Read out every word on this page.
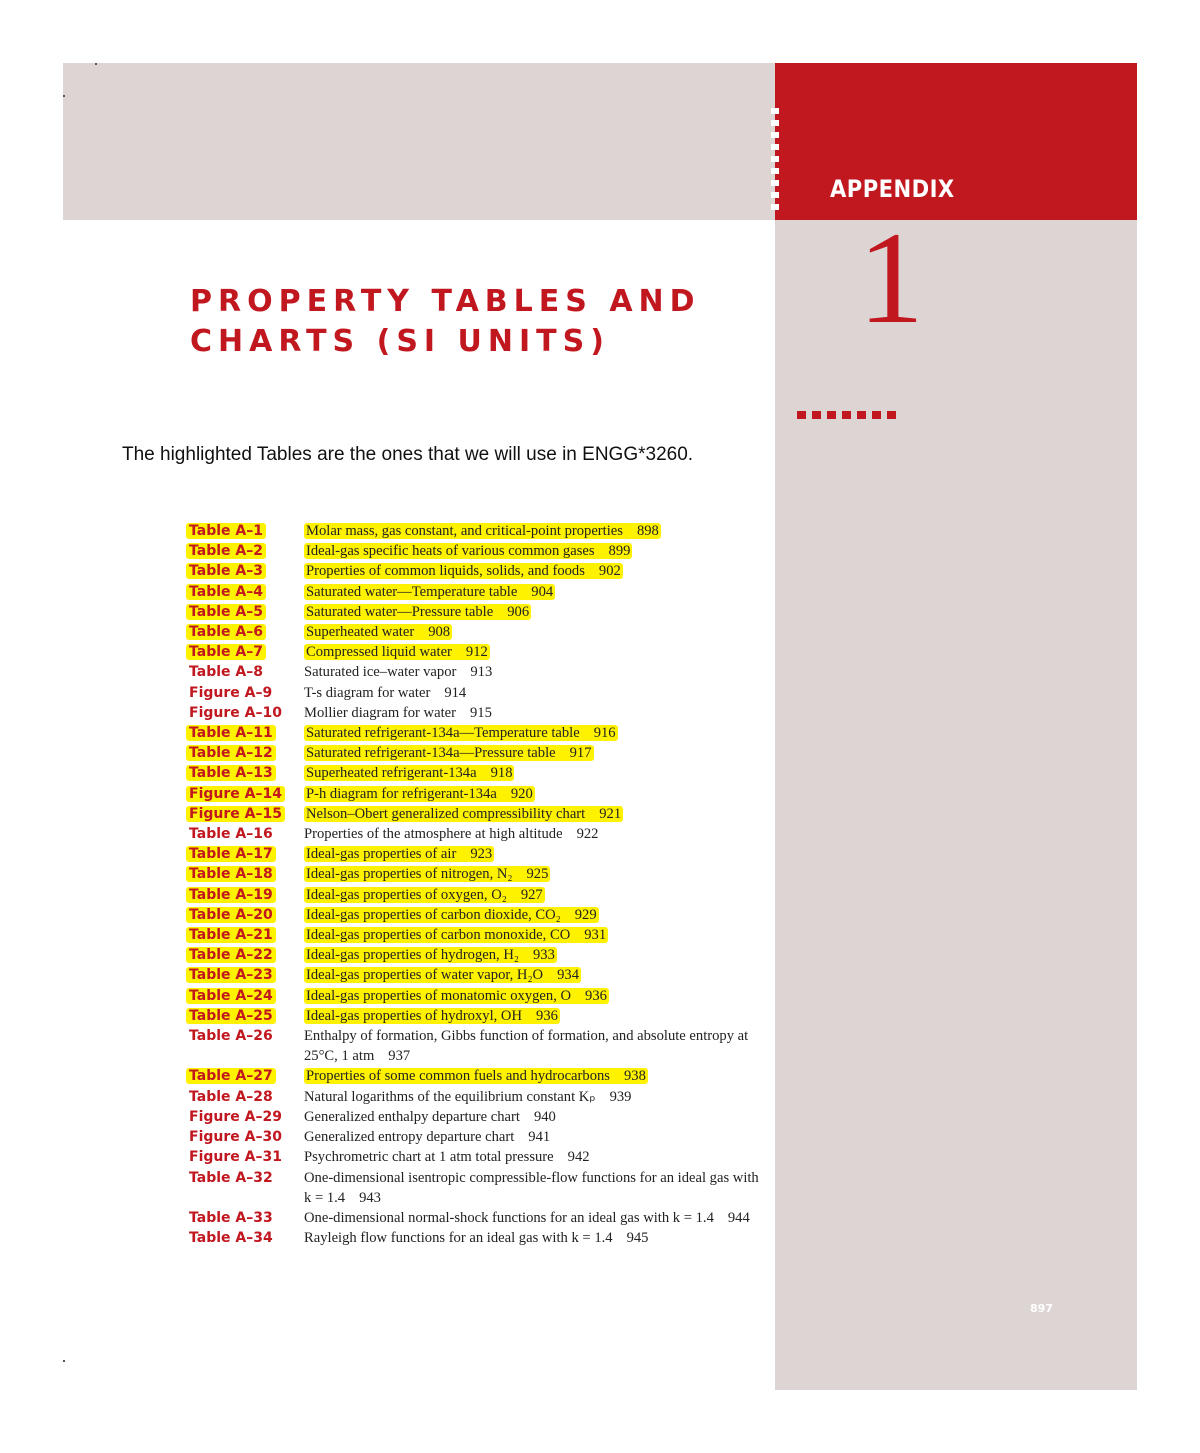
APPENDIX
1
PROPERTY TABLES AND
CHARTS (SI UNITS)
The highlighted Tables are the ones that we will use in ENGG*3260.
Table A–1	Molar mass, gas constant, and critical-point properties 898
Table A–2	Ideal-gas specific heats of various common gases 899
Table A–3	Properties of common liquids, solids, and foods 902
Table A–4	Saturated water—Temperature table 904
Table A–5	Saturated water—Pressure table 906
Table A–6	Superheated water 908
Table A–7	Compressed liquid water 912
Table A–8	Saturated ice–water vapor 913
Figure A–9	T-s diagram for water 914
Figure A–10	Mollier diagram for water 915
Table A–11	Saturated refrigerant-134a—Temperature table 916
Table A–12	Saturated refrigerant-134a—Pressure table 917
Table A–13	Superheated refrigerant-134a 918
Figure A–14	P-h diagram for refrigerant-134a 920
Figure A–15	Nelson–Obert generalized compressibility chart 921
Table A–16	Properties of the atmosphere at high altitude 922
Table A–17	Ideal-gas properties of air 923
Table A–18	Ideal-gas properties of nitrogen, N₂ 925
Table A–19	Ideal-gas properties of oxygen, O₂ 927
Table A–20	Ideal-gas properties of carbon dioxide, CO₂ 929
Table A–21	Ideal-gas properties of carbon monoxide, CO 931
Table A–22	Ideal-gas properties of hydrogen, H₂ 933
Table A–23	Ideal-gas properties of water vapor, H₂O 934
Table A–24	Ideal-gas properties of monatomic oxygen, O 936
Table A–25	Ideal-gas properties of hydroxyl, OH 936
Table A–26	Enthalpy of formation, Gibbs function of formation, and absolute entropy at 25°C, 1 atm 937
Table A–27	Properties of some common fuels and hydrocarbons 938
Table A–28	Natural logarithms of the equilibrium constant Kₚ 939
Figure A–29	Generalized enthalpy departure chart 940
Figure A–30	Generalized entropy departure chart 941
Figure A–31	Psychrometric chart at 1 atm total pressure 942
Table A–32	One-dimensional isentropic compressible-flow functions for an ideal gas with k = 1.4 943
Table A–33	One-dimensional normal-shock functions for an ideal gas with k = 1.4 944
Table A–34	Rayleigh flow functions for an ideal gas with k = 1.4 945
897
